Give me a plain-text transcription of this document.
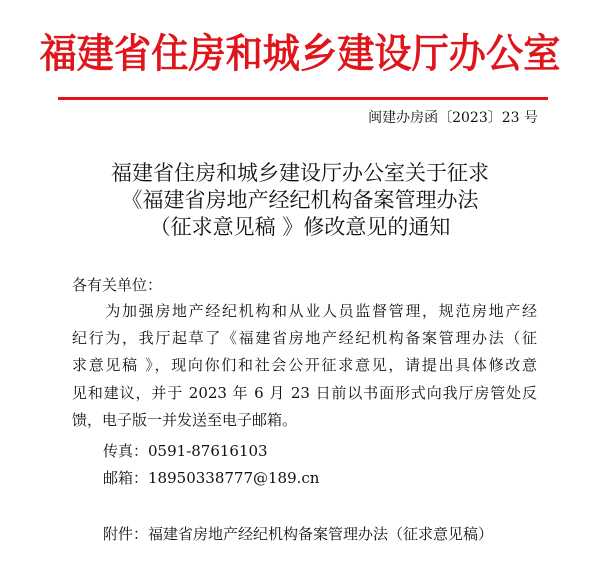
福建省住房和城乡建设厅办公室
闽建办房函〔2023〕23 号
福建省住房和城乡建设厅办公室关于征求
《福建省房地产经纪机构备案管理办法
（征求意见稿 》修改意见的通知
各有关单位：
　　为加强房地产经纪机构和从业人员监督管理，规范房地产经
纪行为，我厅起草了《福建省房地产经纪机构备案管理办法（征
求意见稿 》，现向你们和社会公开征求意见，请提出具体修改意
见和建议，并于 2023 年 6 月 23 日前以书面形式向我厅房管处反
馈，电子版一并发送至电子邮箱。
传真：0591-87616103
邮箱：18950338777@189.cn
附件：福建省房地产经纪机构备案管理办法（征求意见稿）
